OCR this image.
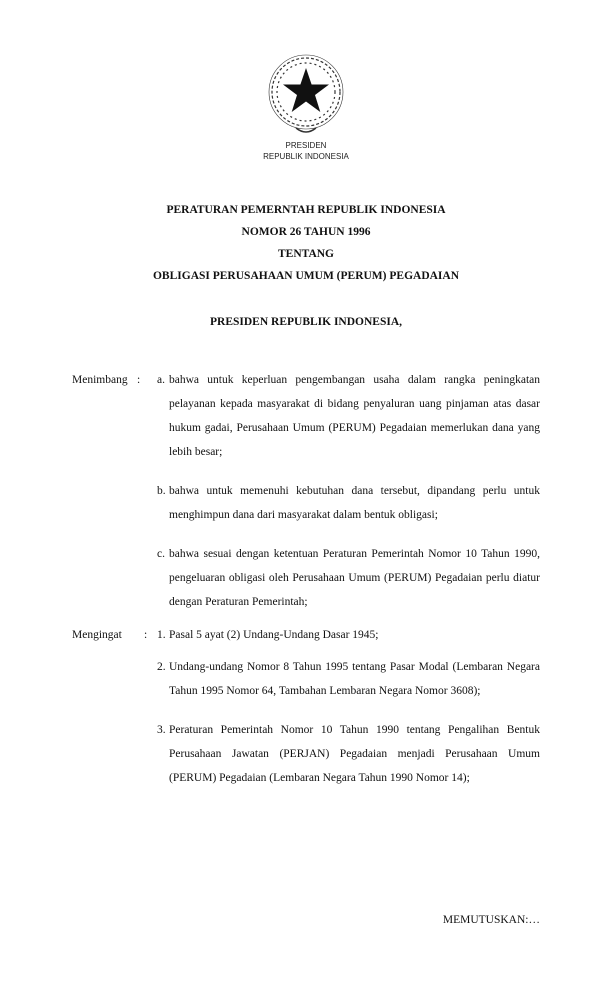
PRESIDEN
REPUBLIK INDONESIA
PERATURAN PEMERNTAH REPUBLIK INDONESIA
NOMOR 26 TAHUN 1996
TENTANG
OBLIGASI PERUSAHAAN UMUM (PERUM) PEGADAIAN
PRESIDEN REPUBLIK INDONESIA,
Menimbang : a. bahwa untuk keperluan pengembangan usaha dalam rangka peningkatan pelayanan kepada masyarakat di bidang penyaluran uang pinjaman atas dasar hukum gadai, Perusahaan Umum (PERUM) Pegadaian memerlukan dana yang lebih besar;
b. bahwa untuk memenuhi kebutuhan dana tersebut, dipandang perlu untuk menghimpun dana dari masyarakat dalam bentuk obligasi;
c. bahwa sesuai dengan ketentuan Peraturan Pemerintah Nomor 10 Tahun 1990, pengeluaran obligasi oleh Perusahaan Umum (PERUM) Pegadaian perlu diatur dengan Peraturan Pemerintah;
Mengingat : 1. Pasal 5 ayat (2) Undang-Undang Dasar 1945;
2. Undang-undang Nomor 8 Tahun 1995 tentang Pasar Modal (Lembaran Negara Tahun 1995 Nomor 64, Tambahan Lembaran Negara Nomor 3608);
3. Peraturan Pemerintah Nomor 10 Tahun 1990 tentang Pengalihan Bentuk Perusahaan Jawatan (PERJAN) Pegadaian menjadi Perusahaan Umum (PERUM) Pegadaian (Lembaran Negara Tahun 1990 Nomor 14);
MEMUTUSKAN:…
